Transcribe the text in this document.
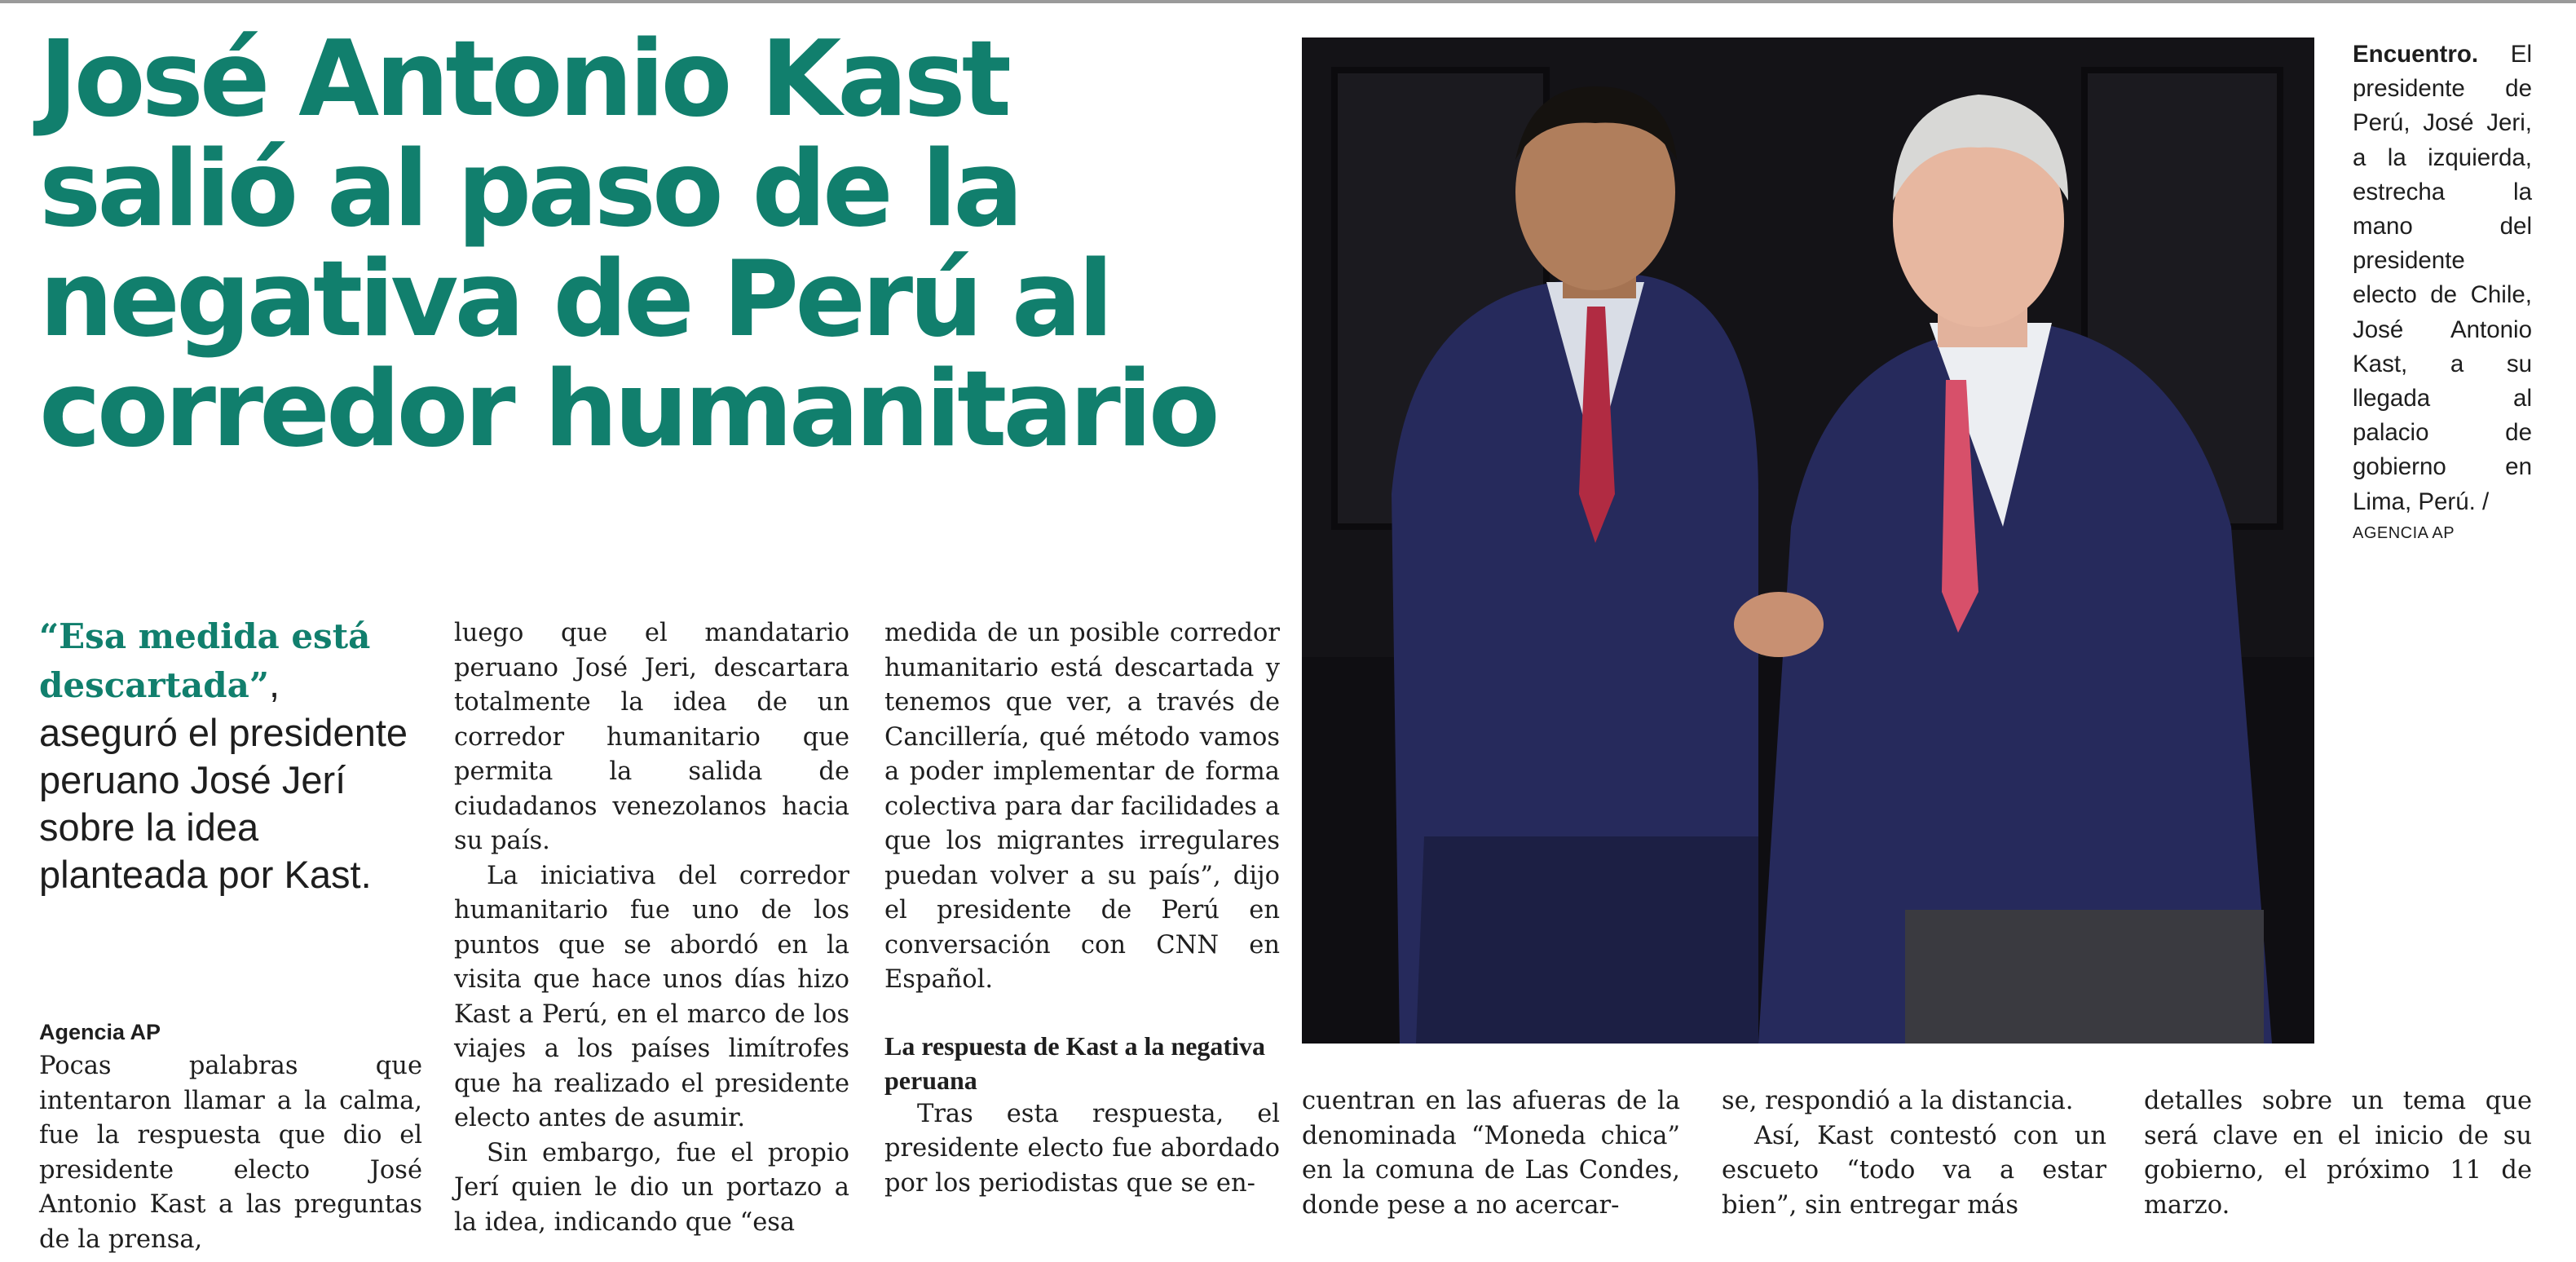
José Antonio Kast salió al paso de la negativa de Perú al corredor humanitario
“Esa medida está descartada”, aseguró el presidente peruano José Jerí sobre la idea planteada por Kast.
Agencia AP

Pocas palabras que intentaron llamar a la calma, fue la respuesta que dio el presidente electo José Antonio Kast a las preguntas de la prensa,

luego que el mandatario peruano José Jeri, descartara totalmente la idea de un corredor humanitario que permita la salida de ciudadanos venezolanos hacia su país.

La iniciativa del corredor humanitario fue uno de los puntos que se abordó en la visita que hace unos días hizo Kast a Perú, en el marco de los viajes a los países limítrofes que ha realizado el presidente electo antes de asumir.

Sin embargo, fue el propio Jerí quien le dio un portazo a la idea, indicando que “esa

medida de un posible corredor humanitario está descartada y tenemos que ver, a través de Cancillería, qué método vamos a poder implementar de forma colectiva para dar facilidades a que los migrantes irregulares puedan volver a su país”, dijo el presidente de Perú en conversación con CNN en Español.

La respuesta de Kast a la negativa peruana

Tras esta respuesta, el presidente electo fue abordado por los periodistas que se en-

cuentran en las afueras de la denominada “Moneda chica” en la comuna de Las Condes, donde pese a no acercar-

se, respondió a la distancia.

Así, Kast contestó con un escueto “todo va a estar bien”, sin entregar más

detalles sobre un tema que será clave en el inicio de su gobierno, el próximo 11 de marzo.

Encuentro. El presidente de Perú, José Jeri, a la izquierda, estrecha la mano del presidente electo de Chile, José Antonio Kast, a su llegada al palacio de gobierno en Lima, Perú. /
AGENCIA AP
